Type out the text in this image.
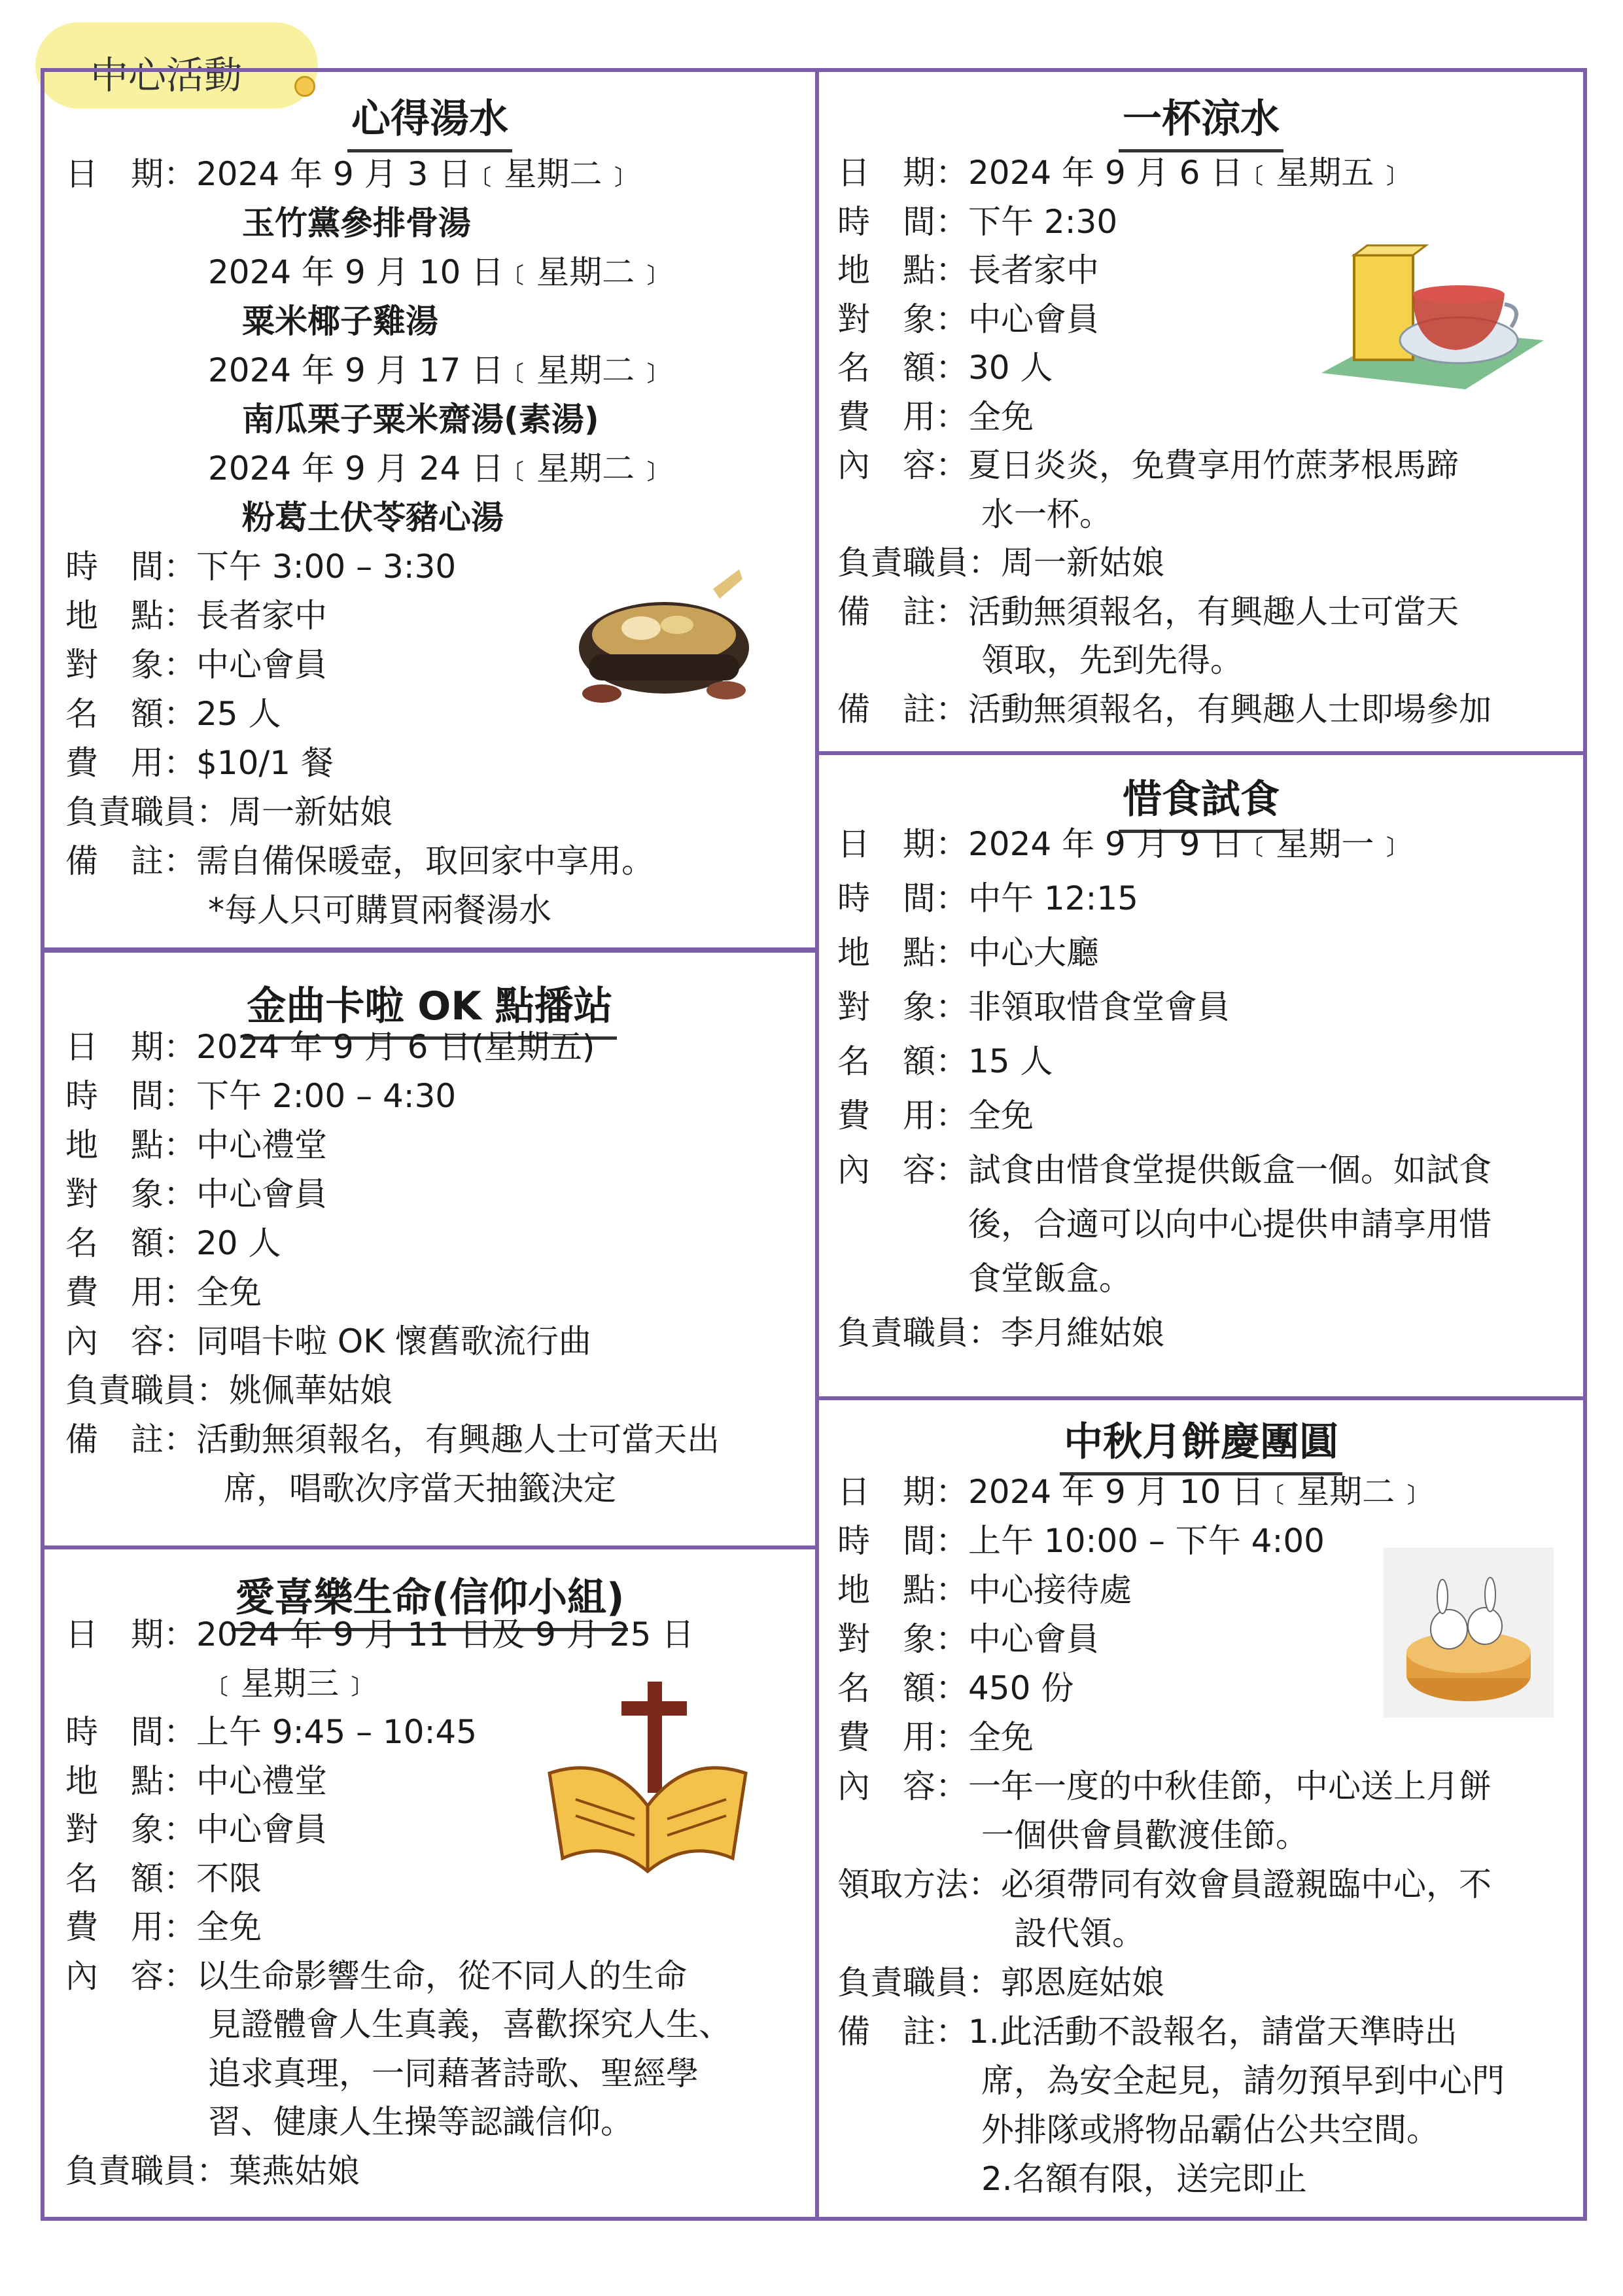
中心活動
心得湯水
日　期：2024 年 9 月 3 日﹝星期二﹞
玉竹黨參排骨湯
2024 年 9 月 10 日﹝星期二﹞
粟米椰子雞湯
2024 年 9 月 17 日﹝星期二﹞
南瓜栗子粟米齋湯(素湯)
2024 年 9 月 24 日﹝星期二﹞
粉葛土伏苓豬心湯
時　間：下午 3:00 – 3:30
地　點：長者家中
對　象：中心會員
名　額：25 人
費　用：$10/1 餐
負責職員：周一新姑娘
備　註：需自備保暖壺，取回家中享用。
*每人只可購買兩餐湯水
金曲卡啦 OK 點播站
日　期：2024 年 9 月 6 日(星期五)
時　間：下午 2:00 – 4:30
地　點：中心禮堂
對　象：中心會員
名　額：20 人
費　用：全免
內　容：同唱卡啦 OK 懷舊歌流行曲
負責職員：姚佩華姑娘
備　註：活動無須報名，有興趣人士可當天出
席，唱歌次序當天抽籤決定
愛喜樂生命(信仰小組)
日　期：2024 年 9 月 11 日及 9 月 25 日
﹝星期三﹞
時　間：上午 9:45 – 10:45
地　點：中心禮堂
對　象：中心會員
名　額：不限
費　用：全免
內　容：以生命影響生命，從不同人的生命
見證體會人生真義，喜歡探究人生、
追求真理，一同藉著詩歌、聖經學
習、健康人生操等認識信仰。
負責職員：葉燕姑娘
一杯涼水
日　期：2024 年 9 月 6 日﹝星期五﹞
時　間：下午 2:30
地　點：長者家中
對　象：中心會員
名　額：30 人
費　用：全免
內　容：夏日炎炎，免費享用竹蔗茅根馬蹄
水一杯。
負責職員：周一新姑娘
備　註：活動無須報名，有興趣人士可當天
領取，先到先得。
備　註：活動無須報名，有興趣人士即場參加
惜食試食
日　期：2024 年 9 月 9 日﹝星期一﹞
時　間：中午 12:15
地　點：中心大廳
對　象：非領取惜食堂會員
名　額：15 人
費　用：全免
內　容：試食由惜食堂提供飯盒一個。如試食
後，合適可以向中心提供申請享用惜
食堂飯盒。
負責職員：李月維姑娘
中秋月餅慶團圓
日　期：2024 年 9 月 10 日﹝星期二﹞
時　間：上午 10:00 – 下午 4:00
地　點：中心接待處
對　象：中心會員
名　額：450 份
費　用：全免
內　容：一年一度的中秋佳節，中心送上月餅
一個供會員歡渡佳節。
領取方法：必須帶同有效會員證親臨中心，不
設代領。
負責職員：郭恩庭姑娘
備　註：1.此活動不設報名，請當天準時出
席，為安全起見，請勿預早到中心門
外排隊或將物品霸佔公共空間。
2.名額有限，送完即止
